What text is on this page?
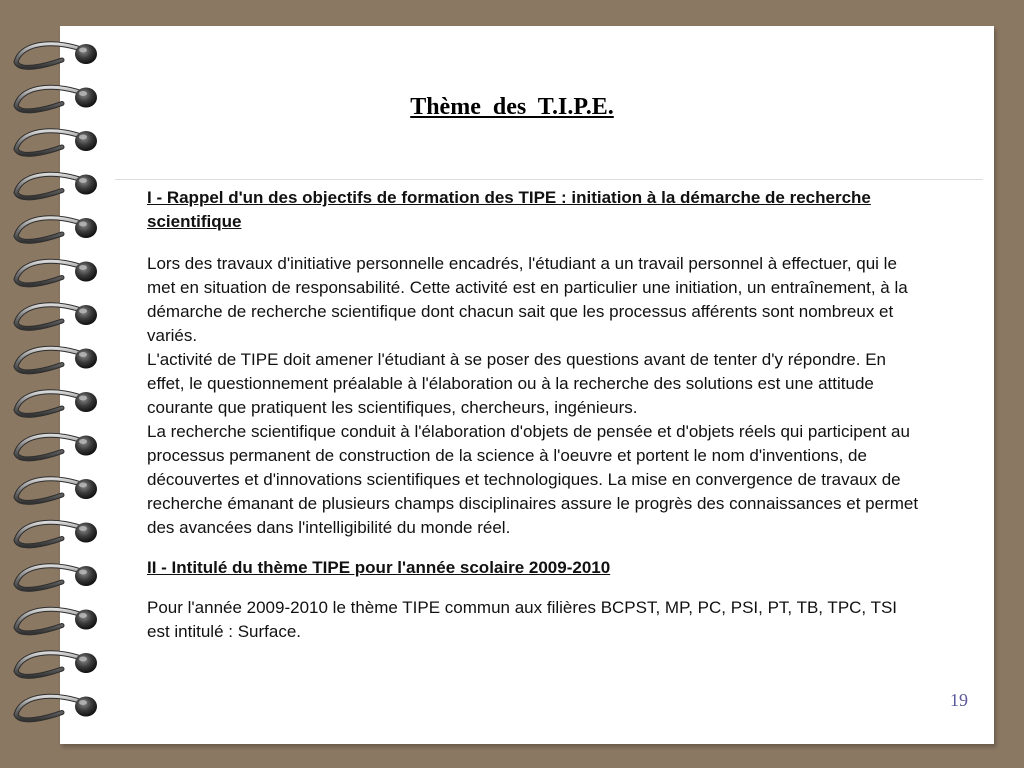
Thème des T.I.P.E.

I - Rappel d'un des objectifs de formation des TIPE : initiation à la démarche de recherche scientifique

Lors des travaux d'initiative personnelle encadrés, l'étudiant a un travail personnel à effectuer, qui le met en situation de responsabilité. Cette activité est en particulier une initiation, un entraînement, à la démarche de recherche scientifique dont chacun sait que les processus afférents sont nombreux et variés.

L'activité de TIPE doit amener l'étudiant à se poser des questions avant de tenter d'y répondre. En effet, le questionnement préalable à l'élaboration ou à la recherche des solutions est une attitude courante que pratiquent les scientifiques, chercheurs, ingénieurs.

La recherche scientifique conduit à l'élaboration d'objets de pensée et d'objets réels qui participent au processus permanent de construction de la science à l'oeuvre et portent le nom d'inventions, de découvertes et d'innovations scientifiques et technologiques. La mise en convergence de travaux de recherche émanant de plusieurs champs disciplinaires assure le progrès des connaissances et permet des avancées dans l'intelligibilité du monde réel.

II - Intitulé du thème TIPE pour l'année scolaire 2009-2010

Pour l'année 2009-2010 le thème TIPE commun aux filières BCPST, MP, PC, PSI, PT, TB, TPC, TSI est intitulé : Surface.

19
